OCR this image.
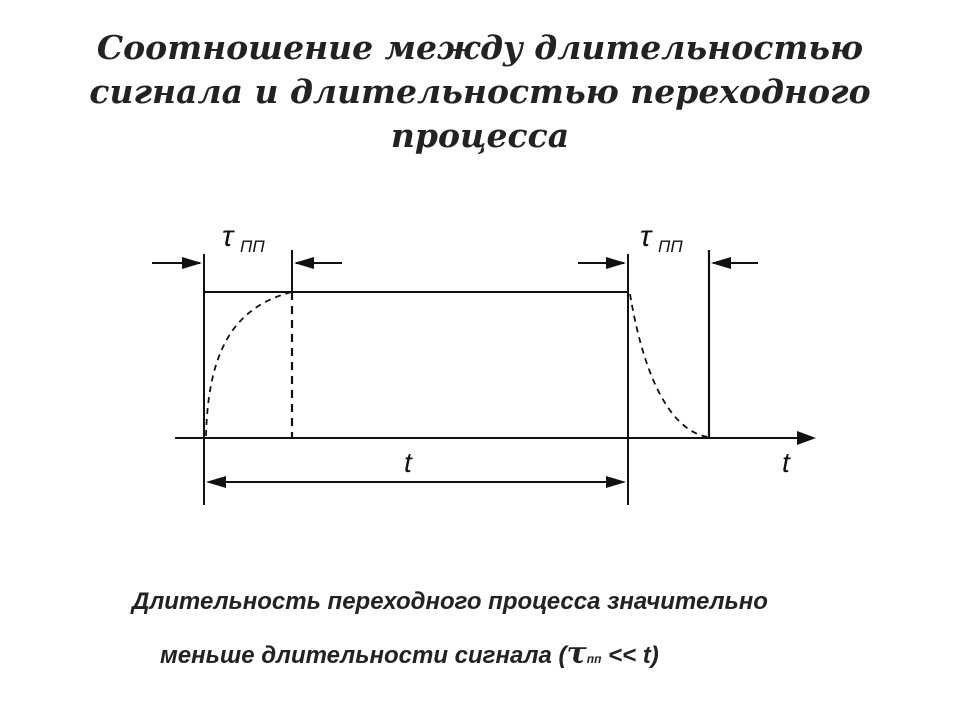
Соотношение между длительностью
сигнала и длительностью переходного
процесса
τ ПП	τ ПП
t	t
Длительность переходного процесса значительно
меньше длительности сигнала (τпп << t)
